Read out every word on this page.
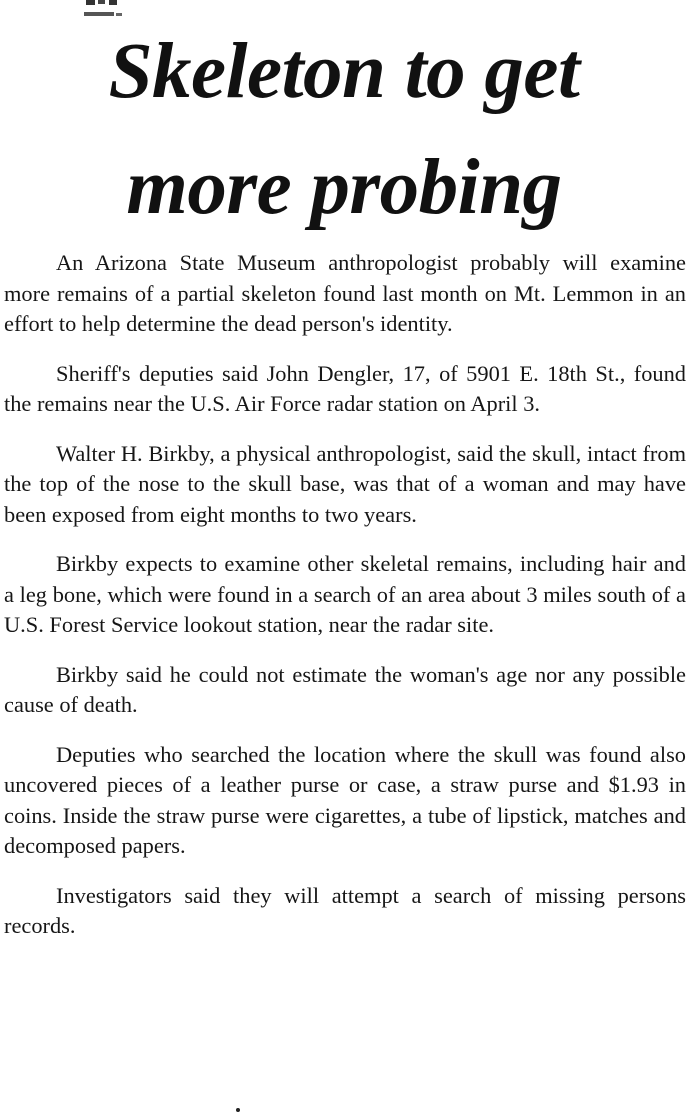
Skeleton to get
more probing

An Arizona State Museum anthropologist probably will examine more remains of a partial skeleton found last month on Mt. Lemmon in an effort to help determine the dead person's identity.

Sheriff's deputies said John Dengler, 17, of 5901 E. 18th St., found the remains near the U.S. Air Force radar station on April 3.

Walter H. Birkby, a physical anthropologist, said the skull, intact from the top of the nose to the skull base, was that of a woman and may have been exposed from eight months to two years.

Birkby expects to examine other skeletal remains, including hair and a leg bone, which were found in a search of an area about 3 miles south of a U.S. Forest Service lookout station, near the radar site.

Birkby said he could not estimate the woman's age nor any possible cause of death.

Deputies who searched the location where the skull was found also uncovered pieces of a leather purse or case, a straw purse and $1.93 in coins. Inside the straw purse were cigarettes, a tube of lipstick, matches and decomposed papers.

Investigators said they will attempt a search of missing persons records.
